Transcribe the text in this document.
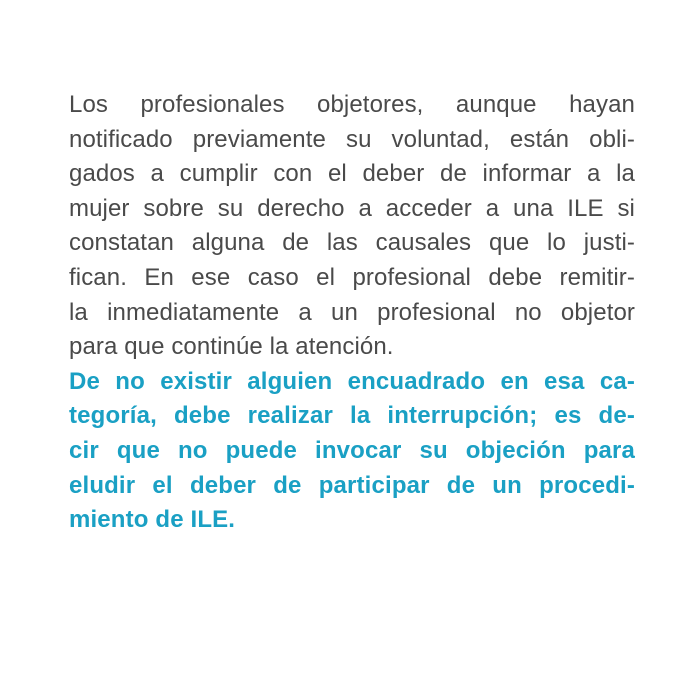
Los profesionales objetores, aunque hayan
notificado previamente su voluntad, están obli-
gados a cumplir con el deber de informar a la
mujer sobre su derecho a acceder a una ILE si
constatan alguna de las causales que lo justi-
fican. En ese caso el profesional debe remitir-
la inmediatamente a un profesional no objetor
para que continúe la atención.
De no existir alguien encuadrado en esa ca-
tegoría, debe realizar la interrupción; es de-
cir que no puede invocar su objeción para
eludir el deber de participar de un procedi-
miento de ILE.
